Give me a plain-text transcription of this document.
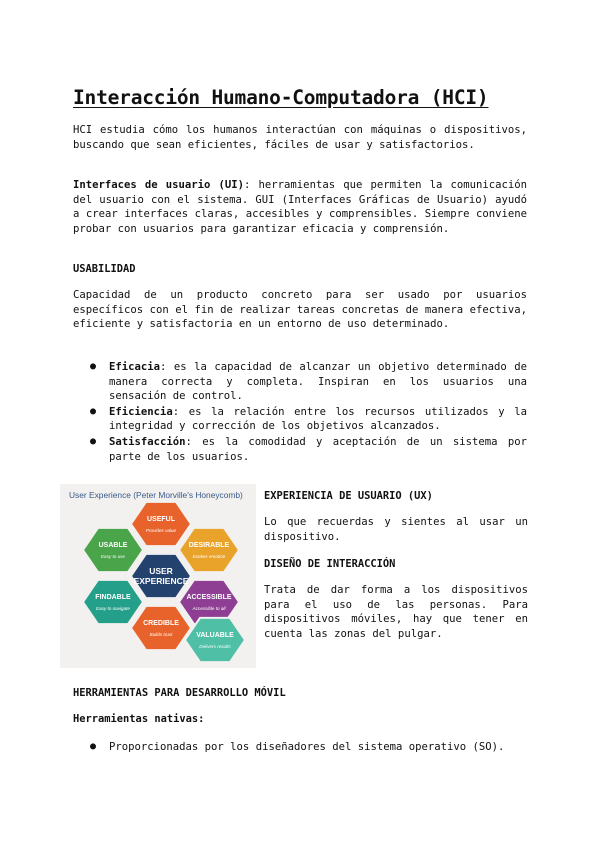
Interacción Humano-Computadora (HCI)

HCI estudia cómo los humanos interactúan con máquinas o dispositivos, buscando que sean eficientes, fáciles de usar y satisfactorios.

Interfaces de usuario (UI): herramientas que permiten la comunicación del usuario con el sistema. GUI (Interfaces Gráficas de Usuario) ayudó a crear interfaces claras, accesibles y comprensibles. Siempre conviene probar con usuarios para garantizar eficacia y comprensión.

USABILIDAD

Capacidad de un producto concreto para ser usado por usuarios específicos con el fin de realizar tareas concretas de manera efectiva, eficiente y satisfactoria en un entorno de uso determinado.

● Eficacia: es la capacidad de alcanzar un objetivo determinado de manera correcta y completa. Inspiran en los usuarios una sensación de control.
● Eficiencia: es la relación entre los recursos utilizados y la integridad y corrección de los objetivos alcanzados.
● Satisfacción: es la comodidad y aceptación de un sistema por parte de los usuarios.
User Experience (Peter Morville's Honeycomb)
USEFUL
Provides value
USABLE
Easy to use
DESIRABLE
Evokes emotion
USER
EXPERIENCE
FINDABLE
Easy to navigate
ACCESSIBLE
Accessible to all
CREDIBLE
Builds trust	VALUABLE
Delivers results

EXPERIENCIA DE USUARIO (UX)

Lo que recuerdas y sientes al usar un dispositivo.

DISEÑO DE INTERACCIÓN

Trata de dar forma a los dispositivos para el uso de las personas. Para dispositivos móviles, hay que tener en cuenta las zonas del pulgar.

HERRAMIENTAS PARA DESARROLLO MÓVIL

Herramientas nativas:

● Proporcionadas por los diseñadores del sistema operativo (SO).
